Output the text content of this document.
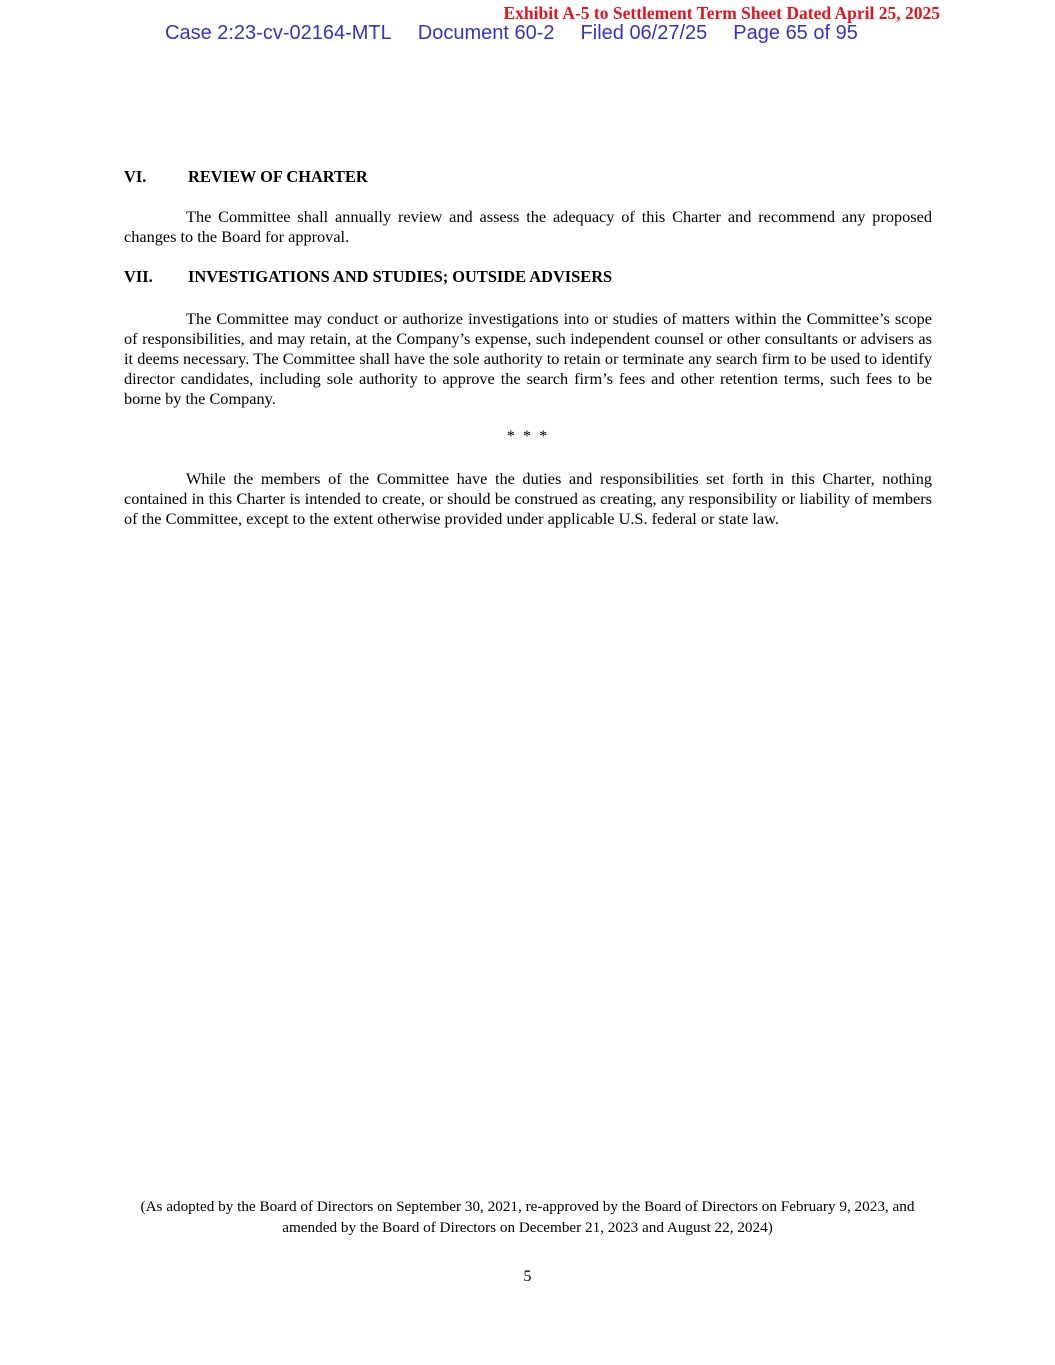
Exhibit A-5 to Settlement Term Sheet Dated April 25, 2025
Case 2:23-cv-02164-MTL Document 60-2 Filed 06/27/25 Page 65 of 95
VI.	REVIEW OF CHARTER

The Committee shall annually review and assess the adequacy of this Charter and recommend any proposed changes to the Board for approval.

VII. INVESTIGATIONS AND STUDIES; OUTSIDE ADVISERS

The Committee may conduct or authorize investigations into or studies of matters within the Committee’s scope of responsibilities, and may retain, at the Company’s expense, such independent counsel or other consultants or advisers as it deems necessary. The Committee shall have the sole authority to retain or terminate any search firm to be used to identify director candidates, including sole authority to approve the search firm’s fees and other retention terms, such fees to be borne by the Company.

* * *

While the members of the Committee have the duties and responsibilities set forth in this Charter, nothing contained in this Charter is intended to create, or should be construed as creating, any responsibility or liability of members of the Committee, except to the extent otherwise provided under applicable U.S. federal or state law.

(As adopted by the Board of Directors on September 30, 2021, re-approved by the Board of Directors on February 9, 2023, and
amended by the Board of Directors on December 21, 2023 and August 22, 2024)
5
